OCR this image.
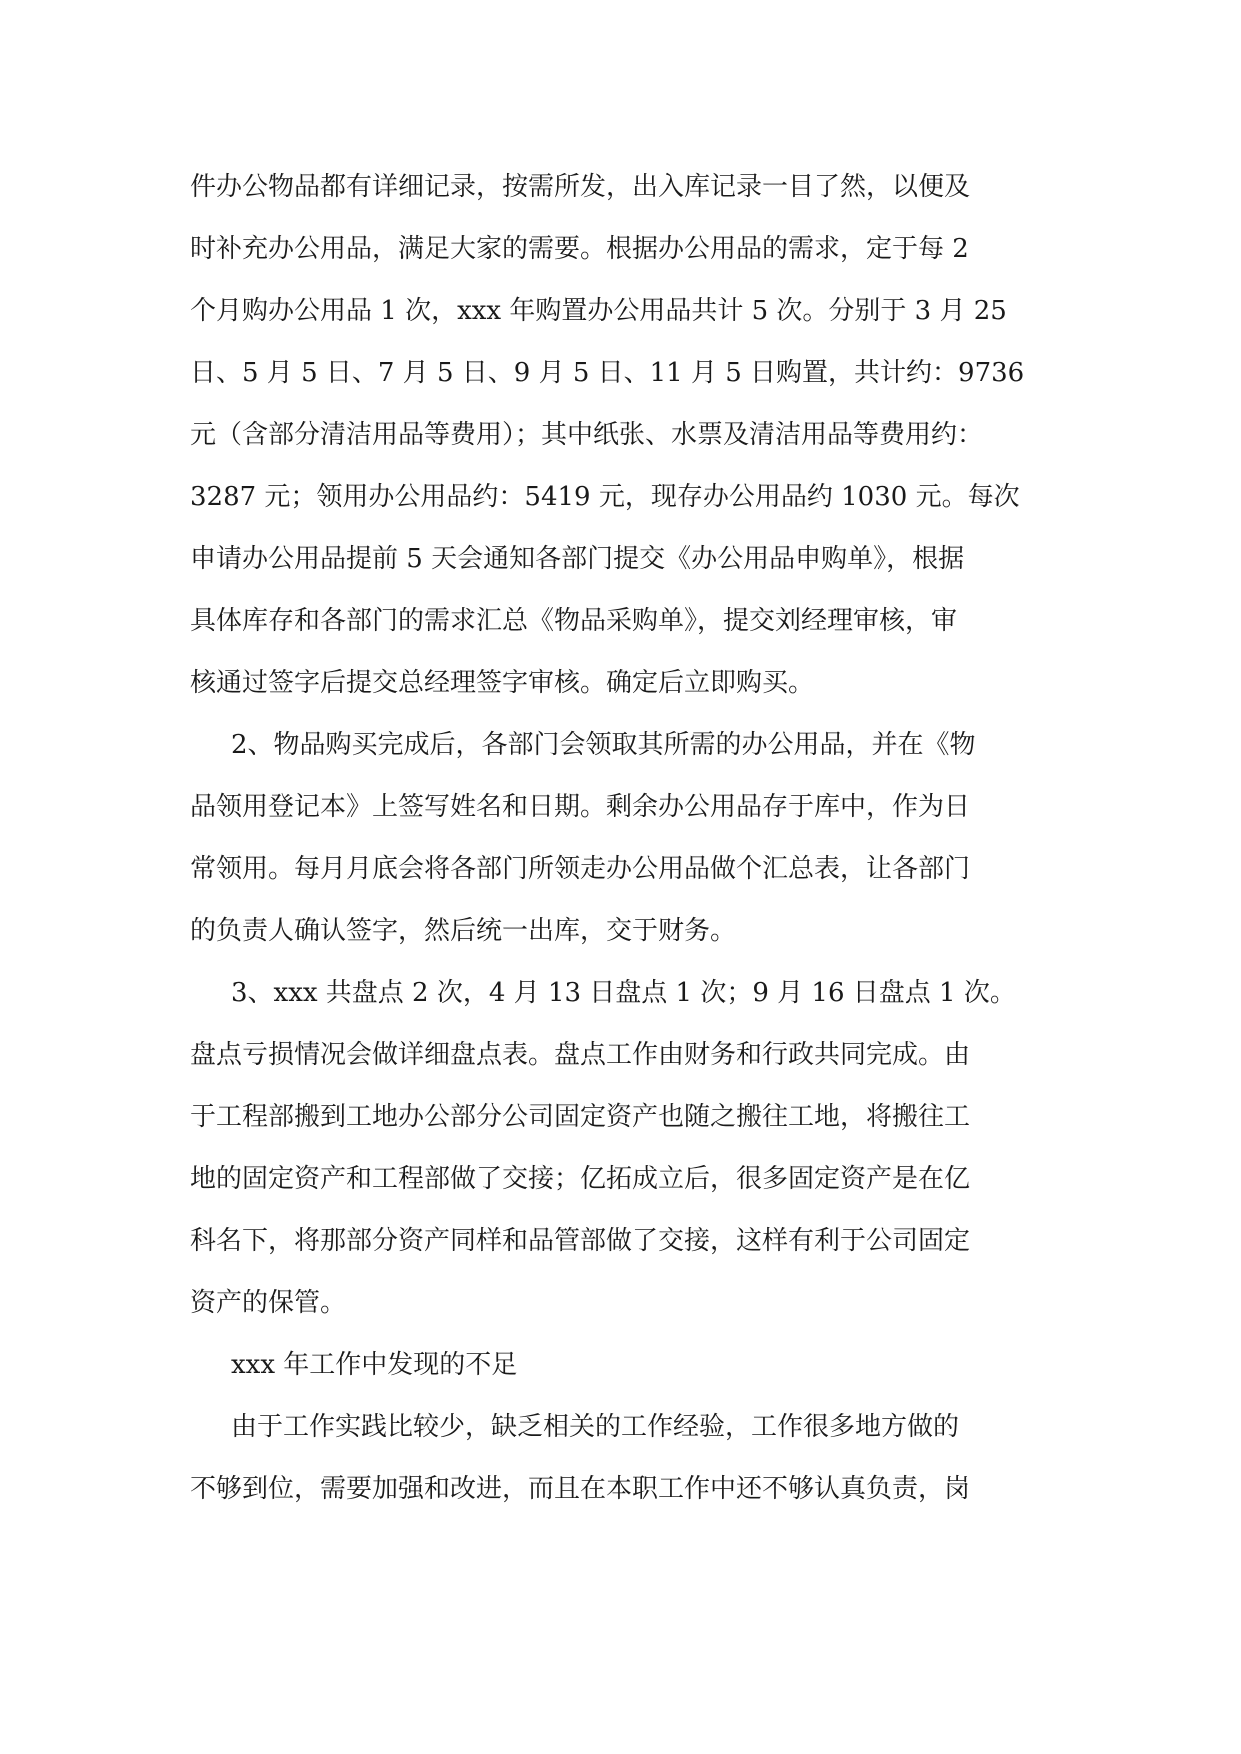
件办公物品都有详细记录，按需所发，出入库记录一目了然，以便及
时补充办公用品，满足大家的需要。根据办公用品的需求，定于每 2
个月购办公用品 1 次，xxx 年购置办公用品共计 5 次。分别于 3 月 25
日、5 月 5 日、7 月 5 日、9 月 5 日、11 月 5 日购置，共计约：9736
元（含部分清洁用品等费用）；其中纸张、水票及清洁用品等费用约：
3287 元；领用办公用品约：5419 元，现存办公用品约 1030 元。每次
申请办公用品提前 5 天会通知各部门提交《办公用品申购单》，根据
具体库存和各部门的需求汇总《物品采购单》，提交刘经理审核，审
核通过签字后提交总经理签字审核。确定后立即购买。
2、物品购买完成后，各部门会领取其所需的办公用品，并在《物
品领用登记本》上签写姓名和日期。剩余办公用品存于库中，作为日
常领用。每月月底会将各部门所领走办公用品做个汇总表，让各部门
的负责人确认签字，然后统一出库，交于财务。
3、xxx 共盘点 2 次，4 月 13 日盘点 1 次；9 月 16 日盘点 1 次。
盘点亏损情况会做详细盘点表。盘点工作由财务和行政共同完成。由
于工程部搬到工地办公部分公司固定资产也随之搬往工地，将搬往工
地的固定资产和工程部做了交接；亿拓成立后，很多固定资产是在亿
科名下，将那部分资产同样和品管部做了交接，这样有利于公司固定
资产的保管。
xxx 年工作中发现的不足
由于工作实践比较少，缺乏相关的工作经验，工作很多地方做的
不够到位，需要加强和改进，而且在本职工作中还不够认真负责，岗
